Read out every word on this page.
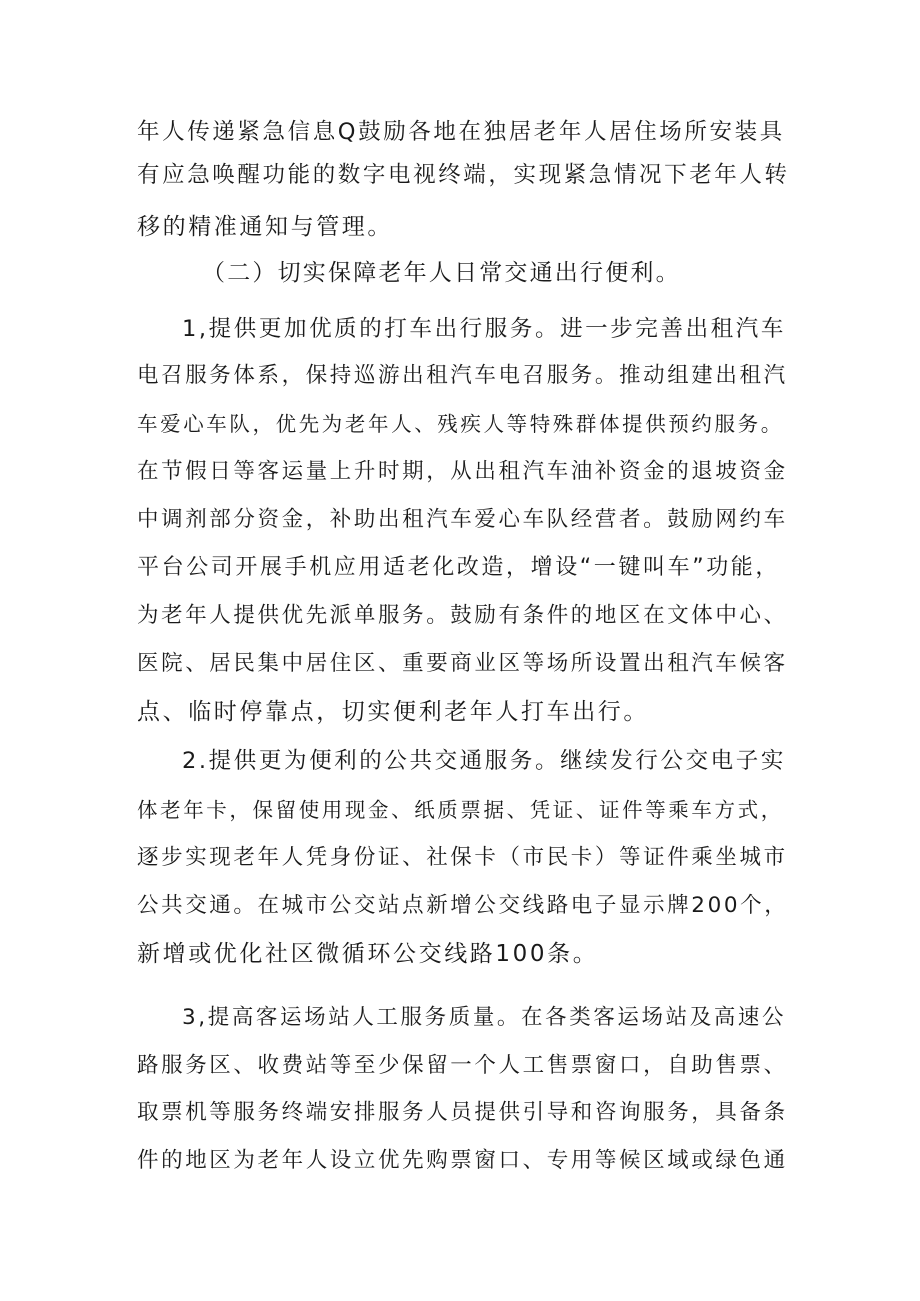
年人传递紧急信息Q鼓励各地在独居老年人居住场所安装具
有应急唤醒功能的数字电视终端，实现紧急情况下老年人转
移的精准通知与管理。
（二）切实保障老年人日常交通出行便利。
1,提供更加优质的打车出行服务。进一步完善出租汽车
电召服务体系，保持巡游出租汽车电召服务。推动组建出租汽
车爱心车队，优先为老年人、残疾人等特殊群体提供预约服务。
在节假日等客运量上升时期，从出租汽车油补资金的退坡资金
中调剂部分资金，补助出租汽车爱心车队经营者。鼓励网约车
平台公司开展手机应用适老化改造，增设“一键叫车”功能，
为老年人提供优先派单服务。鼓励有条件的地区在文体中心、
医院、居民集中居住区、重要商业区等场所设置出租汽车候客
点、临时停靠点，切实便利老年人打车出行。
2.提供更为便利的公共交通服务。继续发行公交电子实
体老年卡，保留使用现金、纸质票据、凭证、证件等乘车方式，
逐步实现老年人凭身份证、社保卡（市民卡）等证件乘坐城市
公共交通。在城市公交站点新增公交线路电子显示牌200个，
新增或优化社区微循环公交线路100条。
3,提高客运场站人工服务质量。在各类客运场站及高速公
路服务区、收费站等至少保留一个人工售票窗口，自助售票、
取票机等服务终端安排服务人员提供引导和咨询服务，具备条
件的地区为老年人设立优先购票窗口、专用等候区域或绿色通
